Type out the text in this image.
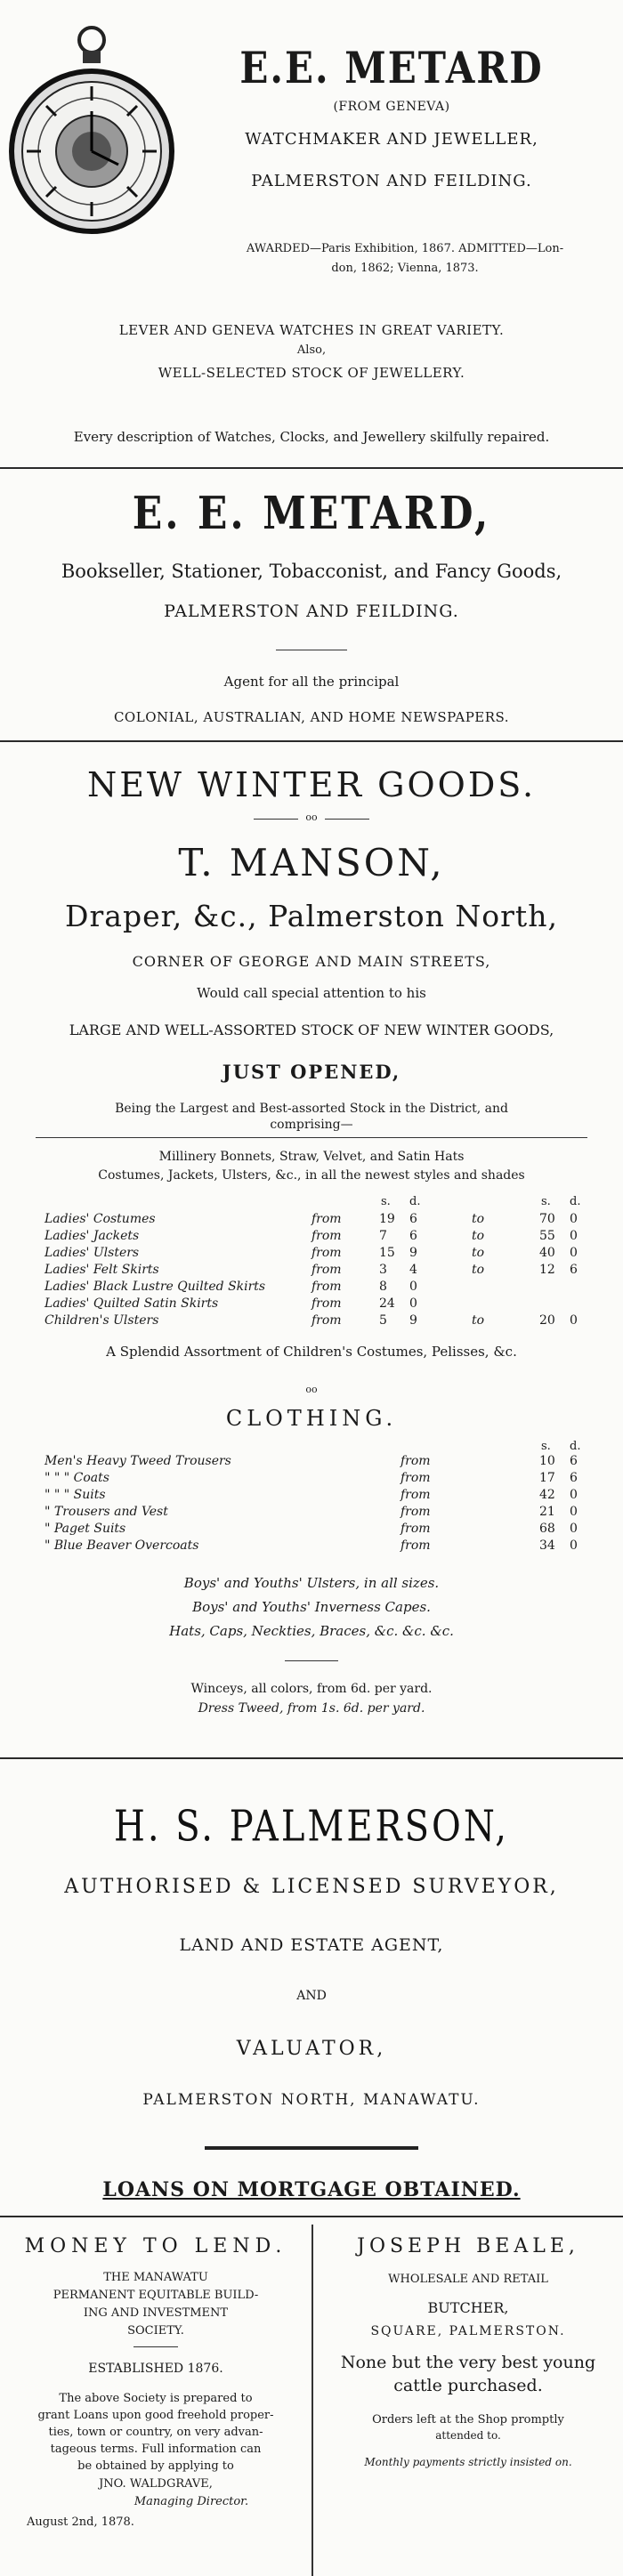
E.E. METARD
(FROM GENEVA)
WATCHMAKER AND JEWELLER,
PALMERSTON AND FEILDING.
AWARDED—Paris Exhibition, 1867. ADMITTED—Lon-
don, 1862; Vienna, 1873.
LEVER AND GENEVA WATCHES IN GREAT VARIETY.
Also,
WELL-SELECTED STOCK OF JEWELLERY.
Every description of Watches, Clocks, and Jewellery skilfully repaired.
E. E. METARD,
Bookseller, Stationer, Tobacconist, and Fancy Goods,
PALMERSTON AND FEILDING.
Agent for all the principal
COLONIAL, AUSTRALIAN, AND HOME NEWSPAPERS.
NEW WINTER GOODS.
oo
T. MANSON,
Draper, &c., Palmerston North,
CORNER OF GEORGE AND MAIN STREETS,
Would call special attention to his
LARGE AND WELL-ASSORTED STOCK OF NEW WINTER GOODS,
JUST OPENED,
Being the Largest and Best-assorted Stock in the District, and
comprising—
Millinery Bonnets, Straw, Velvet, and Satin Hats
Costumes, Jackets, Ulsters, &c., in all the newest styles and shades
s. d.	s. d.
Ladies' Costumes	from	19 6	to	70 0
Ladies' Jackets	from	7 6	to	55 0
Ladies' Ulsters	from	15 9	to	40 0
Ladies' Felt Skirts	from	3 4	to	12 6
Ladies' Black Lustre Quilted Skirts	from	8 0
Ladies' Quilted Satin Skirts	from	24 0
Children's Ulsters	from	5 9	to	20 0
A Splendid Assortment of Children's Costumes, Pelisses, &c.
oo
CLOTHING.
s. d.
Men's Heavy Tweed Trousers	from	10 6
" " " Coats	from	17 6
" " " Suits	from	42 0
" Trousers and Vest	from	21 0
" Paget Suits	from	68 0
" Blue Beaver Overcoats	from	34 0
Boys' and Youths' Ulsters, in all sizes.
Boys' and Youths' Inverness Capes.
Hats, Caps, Neckties, Braces, &c. &c. &c.
Winceys, all colors, from 6d. per yard.
Dress Tweed, from 1s. 6d. per yard.
H. S. PALMERSON,
AUTHORISED & LICENSED SURVEYOR,
LAND AND ESTATE AGENT,
AND
VALUATOR,
PALMERSTON NORTH, MANAWATU.
LOANS ON MORTGAGE OBTAINED.
MONEY TO LEND.
THE MANAWATU
PERMANENT EQUITABLE BUILD-
ING AND INVESTMENT
SOCIETY.
ESTABLISHED 1876.
The above Society is prepared to
grant Loans upon good freehold proper-
ties, town or country, on very advan-
tageous terms. Full information can
be obtained by applying to
JNO. WALDGRAVE,
Managing Director.
August 2nd, 1878.
JOSEPH BEALE,
WHOLESALE AND RETAIL
BUTCHER,
SQUARE, PALMERSTON.
None but the very best young
cattle purchased.
Orders left at the Shop promptly
attended to.
Monthly payments strictly insisted on.
